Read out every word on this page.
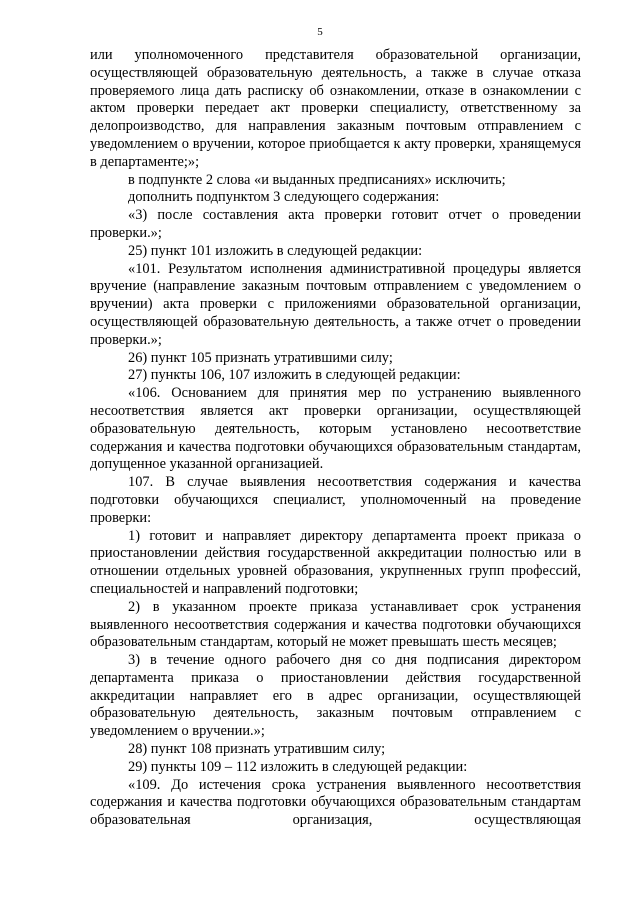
5

или уполномоченного представителя образовательной организации, осуществляющей образовательную деятельность, а также в случае отказа проверяемого лица дать расписку об ознакомлении, отказе в ознакомлении с актом проверки передает акт проверки специалисту, ответственному за делопроизводство, для направления заказным почтовым отправлением с уведомлением о вручении, которое приобщается к акту проверки, хранящемуся в департаменте;»;

в подпункте 2 слова «и выданных предписаниях» исключить;

дополнить подпунктом 3 следующего содержания:

«3) после составления акта проверки готовит отчет о проведении проверки.»;

25) пункт 101 изложить в следующей редакции:

«101. Результатом исполнения административной процедуры является вручение (направление заказным почтовым отправлением с уведомлением о вручении) акта проверки с приложениями образовательной организации, осуществляющей образовательную деятельность, а также отчет о проведении проверки.»;

26) пункт 105 признать утратившими силу;

27) пункты 106, 107 изложить в следующей редакции:

«106. Основанием для принятия мер по устранению выявленного несоответствия является акт проверки организации, осуществляющей образовательную деятельность, которым установлено несоответствие содержания и качества подготовки обучающихся образовательным стандартам, допущенное указанной организацией.

107. В случае выявления несоответствия содержания и качества подготовки обучающихся специалист, уполномоченный на проведение проверки:

1) готовит и направляет директору департамента проект приказа о приостановлении действия государственной аккредитации полностью или в отношении отдельных уровней образования, укрупненных групп профессий, специальностей и направлений подготовки;

2) в указанном проекте приказа устанавливает срок устранения выявленного несоответствия содержания и качества подготовки обучающихся образовательным стандартам, который не может превышать шесть месяцев;

3) в течение одного рабочего дня со дня подписания директором департамента приказа о приостановлении действия государственной аккредитации направляет его в адрес организации, осуществляющей образовательную деятельность, заказным почтовым отправлением с уведомлением о вручении.»;

28) пункт 108 признать утратившим силу;

29) пункты 109 – 112 изложить в следующей редакции:

«109. До истечения срока устранения выявленного несоответствия содержания и качества подготовки обучающихся образовательным стандартам образовательная организация, осуществляющая
